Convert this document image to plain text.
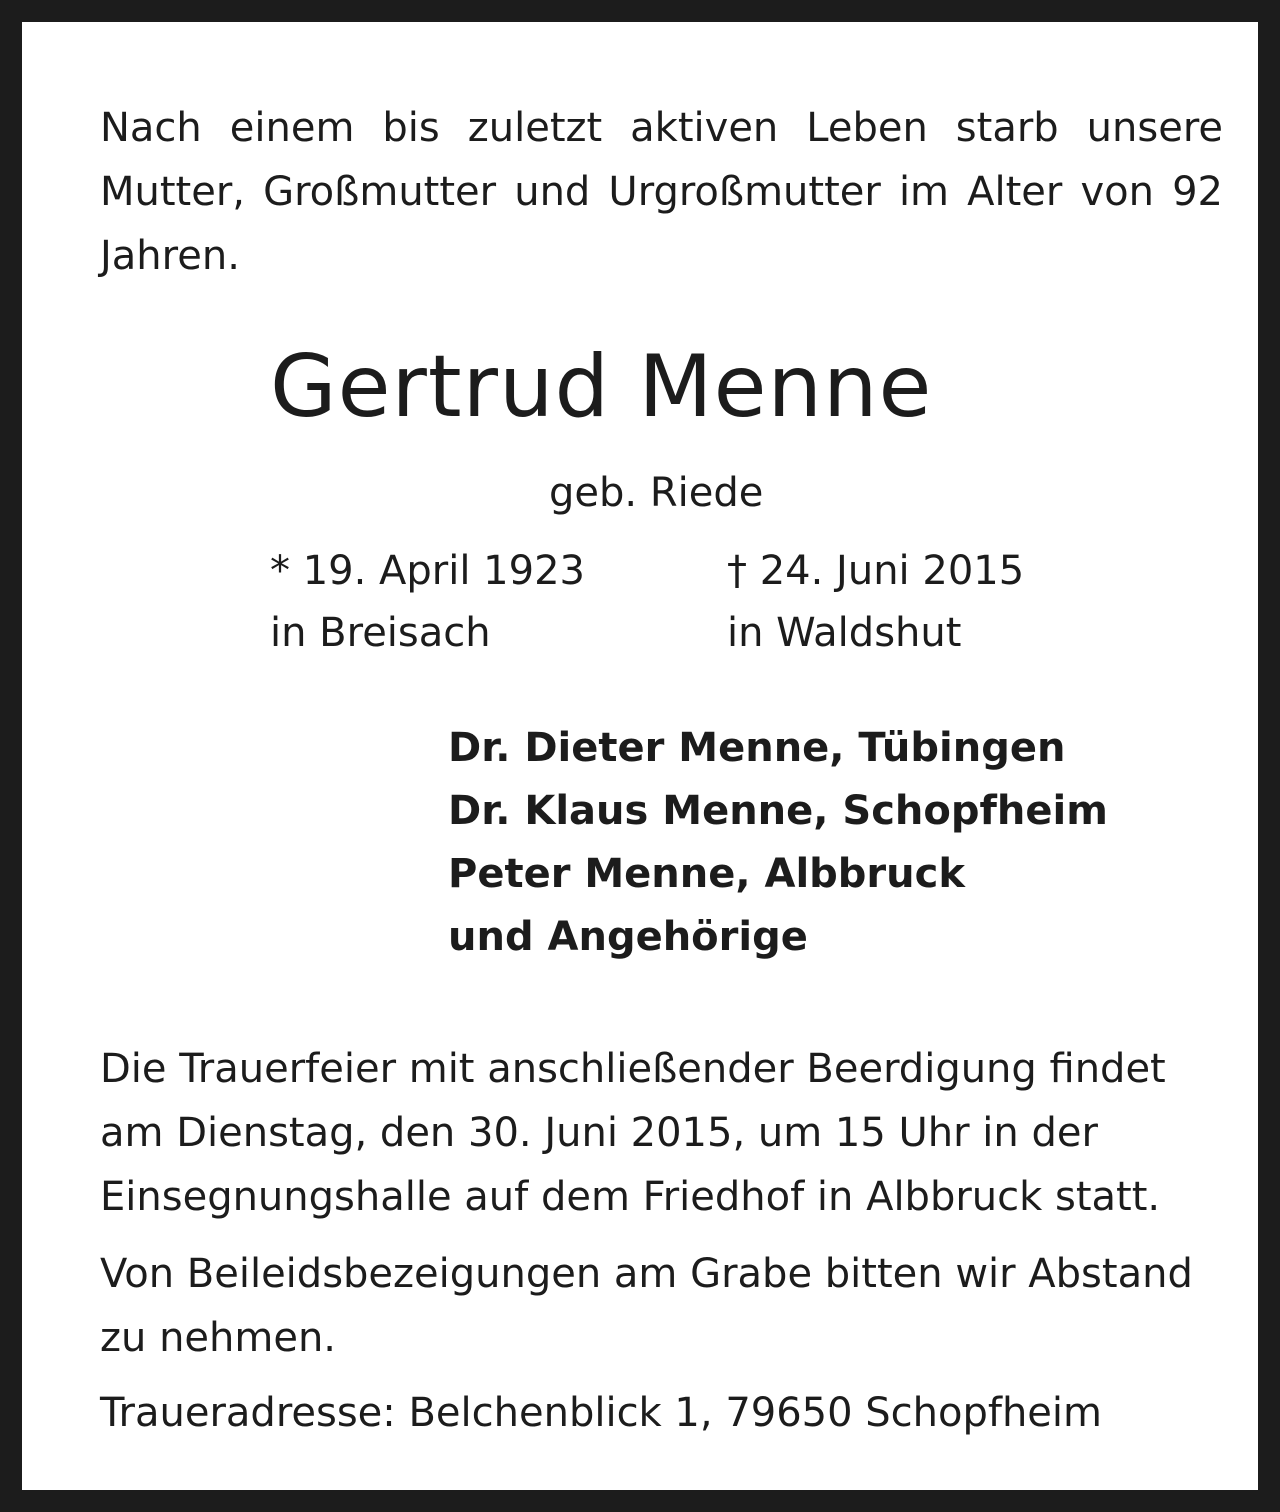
Nach einem bis zuletzt aktiven Leben starb unsere Mutter, Großmutter und Urgroßmutter im Alter von 92 Jahren.

Gertrud Menne
geb. Riede
* 19. April 1923
in Breisach
† 24. Juni 2015
in Waldshut
Dr. Dieter Menne, Tübingen
Dr. Klaus Menne, Schopfheim
Peter Menne, Albbruck
und Angehörige

Die Trauerfeier mit anschließender Beerdigung findet am Dienstag, den 30. Juni 2015, um 15 Uhr in der Einsegnungshalle auf dem Friedhof in Albbruck statt.

Von Beileidsbezeigungen am Grabe bitten wir Abstand zu nehmen.

Traueradresse: Belchenblick 1, 79650 Schopfheim
